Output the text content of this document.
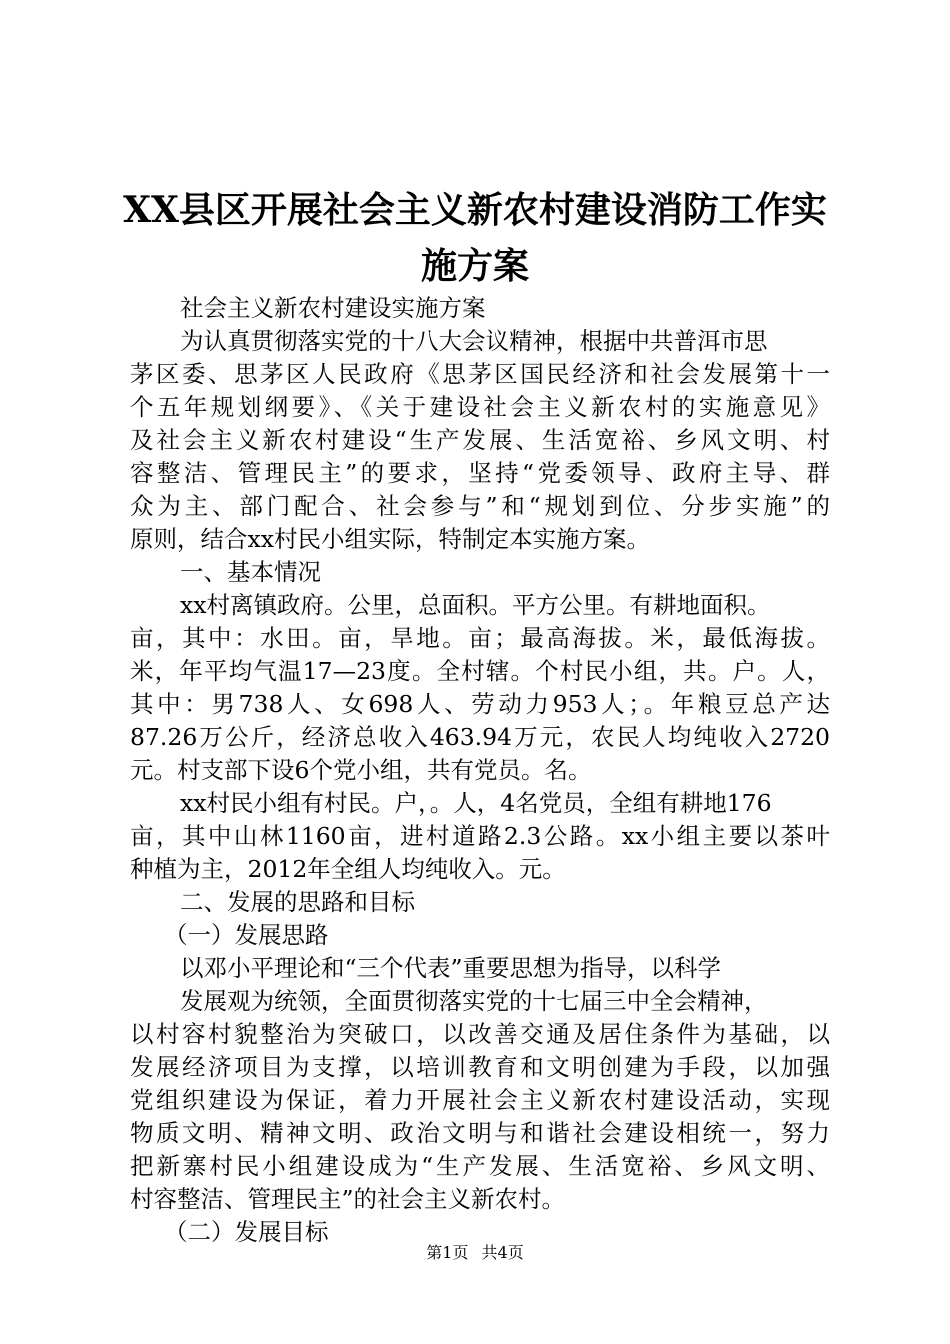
XX县区开展社会主义新农村建设消防工作实
施方案
社会主义新农村建设实施方案
为认真贯彻落实党的十八大会议精神，根据中共普洱市思
茅区委、思茅区人民政府《思茅区国民经济和社会发展第十一
个五年规划纲要》、《关于建设社会主义新农村的实施意见》
及社会主义新农村建设“生产发展、生活宽裕、乡风文明、村
容整洁、管理民主”的要求，坚持“党委领导、政府主导、群
众为主、部门配合、社会参与”和“规划到位、分步实施”的
原则，结合xx村民小组实际，特制定本实施方案。
一、基本情况
xx村离镇政府。公里，总面积。平方公里。有耕地面积。
亩，其中：水田。亩，旱地。亩；最高海拔。米，最低海拔。
米，年平均气温17—23度。全村辖。个村民小组，共。户。人，
其中：男738人、女698人、劳动力953人；。年粮豆总产达
87.26万公斤，经济总收入463.94万元，农民人均纯收入2720
元。村支部下设6个党小组，共有党员。名。
xx村民小组有村民。户，。人，4名党员，全组有耕地176
亩，其中山林1160亩，进村道路2.3公路。xx小组主要以茶叶
种植为主，2012年全组人均纯收入。元。
二、发展的思路和目标
（一）发展思路
以邓小平理论和“三个代表”重要思想为指导，以科学
发展观为统领，全面贯彻落实党的十七届三中全会精神，
以村容村貌整治为突破口，以改善交通及居住条件为基础，以
发展经济项目为支撑，以培训教育和文明创建为手段，以加强
党组织建设为保证，着力开展社会主义新农村建设活动，实现
物质文明、精神文明、政治文明与和谐社会建设相统一，努力
把新寨村民小组建设成为“生产发展、生活宽裕、乡风文明、
村容整洁、管理民主”的社会主义新农村。
（二）发展目标
第1页 共4页
